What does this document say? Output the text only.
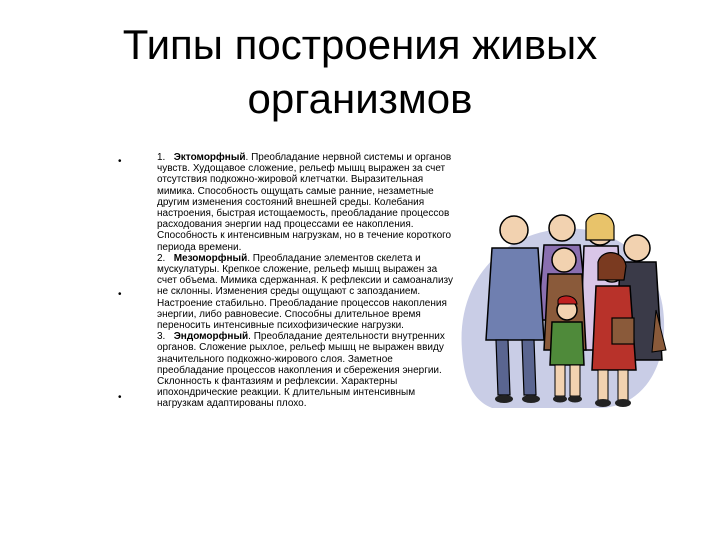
Типы построения живых
организмов
•
•
•

1. Эктоморфный. Преобладание нервной системы и органов чувств. Худощавое сложение, рельеф мышц выражен за счет отсутствия подкожно-жировой клетчатки. Выразительная мимика. Способность ощущать самые ранние, незаметные другим изменения состояний внешней среды. Колебания настроения, быстрая истощаемость, преобладание процессов расходования энергии над процессами ее накопления. Способность к интенсивным нагрузкам, но в течение короткого периода времени.

2. Мезоморфный. Преобладание элементов скелета и мускулатуры. Крепкое сложение, рельеф мышц выражен за счет объема. Мимика сдержанная. К рефлексии и самоанализу не склонны. Изменения среды ощущают с запозданием. Настроение стабильно. Преобладание процессов накопления энергии, либо равновесие. Способны длительное время переносить интенсивные психофизические нагрузки.

3. Эндоморфный. Преобладание деятельности внутренних органов. Сложение рыхлое, рельеф мышц не выражен ввиду значительного подкожно-жирового слоя. Заметное преобладание процессов накопления и сбережения энергии. Склонность к фантазиям и рефлексии. Характерны ипохондрические реакции. К длительным интенсивным нагрузкам адаптированы плохо.
